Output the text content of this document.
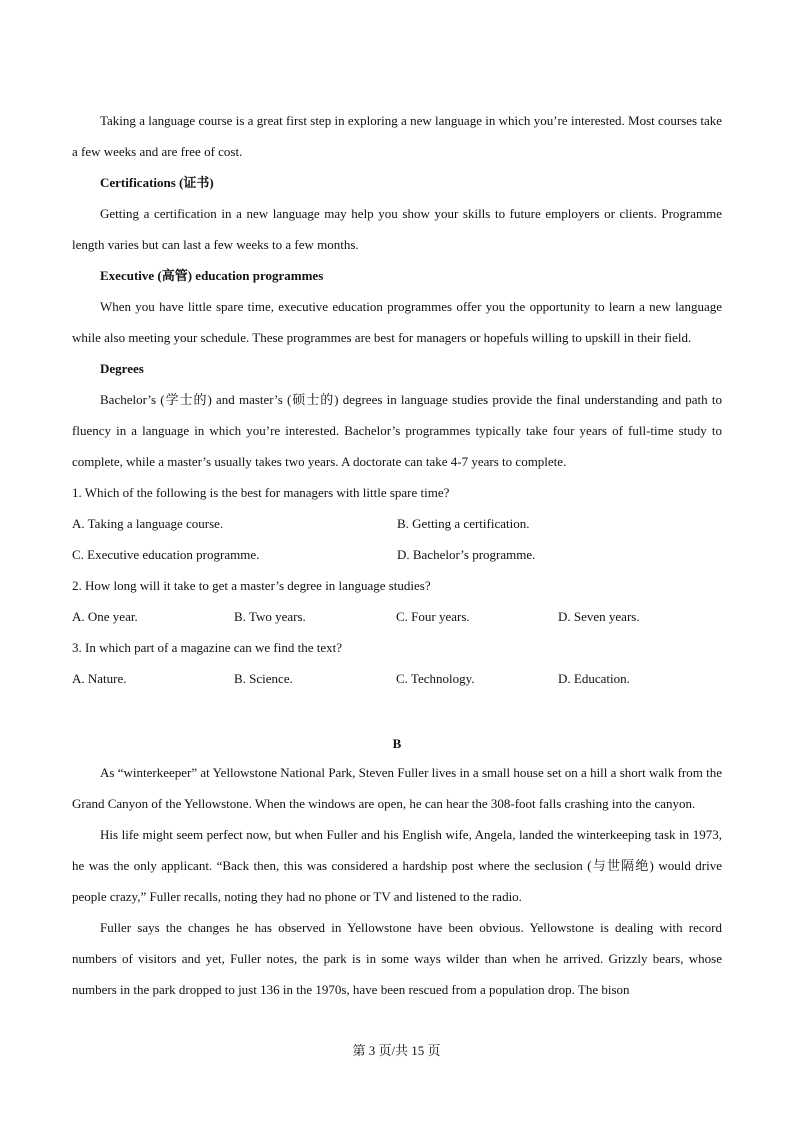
Taking a language course is a great first step in exploring a new language in which you’re interested. Most courses take a few weeks and are free of cost.

Certifications (证书)

Getting a certification in a new language may help you show your skills to future employers or clients. Programme length varies but can last a few weeks to a few months.

Executive (高管) education programmes

When you have little spare time, executive education programmes offer you the opportunity to learn a new language while also meeting your schedule. These programmes are best for managers or hopefuls willing to upskill in their field.

Degrees

Bachelor’s (学士的) and master’s (硕士的) degrees in language studies provide the final understanding and path to fluency in a language in which you’re interested. Bachelor’s programmes typically take four years of full-time study to complete, while a master’s usually takes two years. A doctorate can take 4-7 years to complete.

1. Which of the following is the best for managers with little spare time?

A. Taking a language course.	B. Getting a certification.
C. Executive education programme.	D. Bachelor’s programme.

2. How long will it take to get a master’s degree in language studies?

A. One year.	B. Two years.	C. Four years.	D. Seven years.

3. In which part of a magazine can we find the text?

A. Nature.	B. Science.	C. Technology.	D. Education.

B

As “winterkeeper” at Yellowstone National Park, Steven Fuller lives in a small house set on a hill a short walk from the Grand Canyon of the Yellowstone. When the windows are open, he can hear the 308-foot falls crashing into the canyon.

His life might seem perfect now, but when Fuller and his English wife, Angela, landed the winterkeeping task in 1973, he was the only applicant. “Back then, this was considered a hardship post where the seclusion (与世隔绝) would drive people crazy,” Fuller recalls, noting they had no phone or TV and listened to the radio.

Fuller says the changes he has observed in Yellowstone have been obvious. Yellowstone is dealing with record numbers of visitors and yet, Fuller notes, the park is in some ways wilder than when he arrived. Grizzly bears, whose numbers in the park dropped to just 136 in the 1970s, have been rescued from a population drop. The bison

第 3 页/共 15 页
